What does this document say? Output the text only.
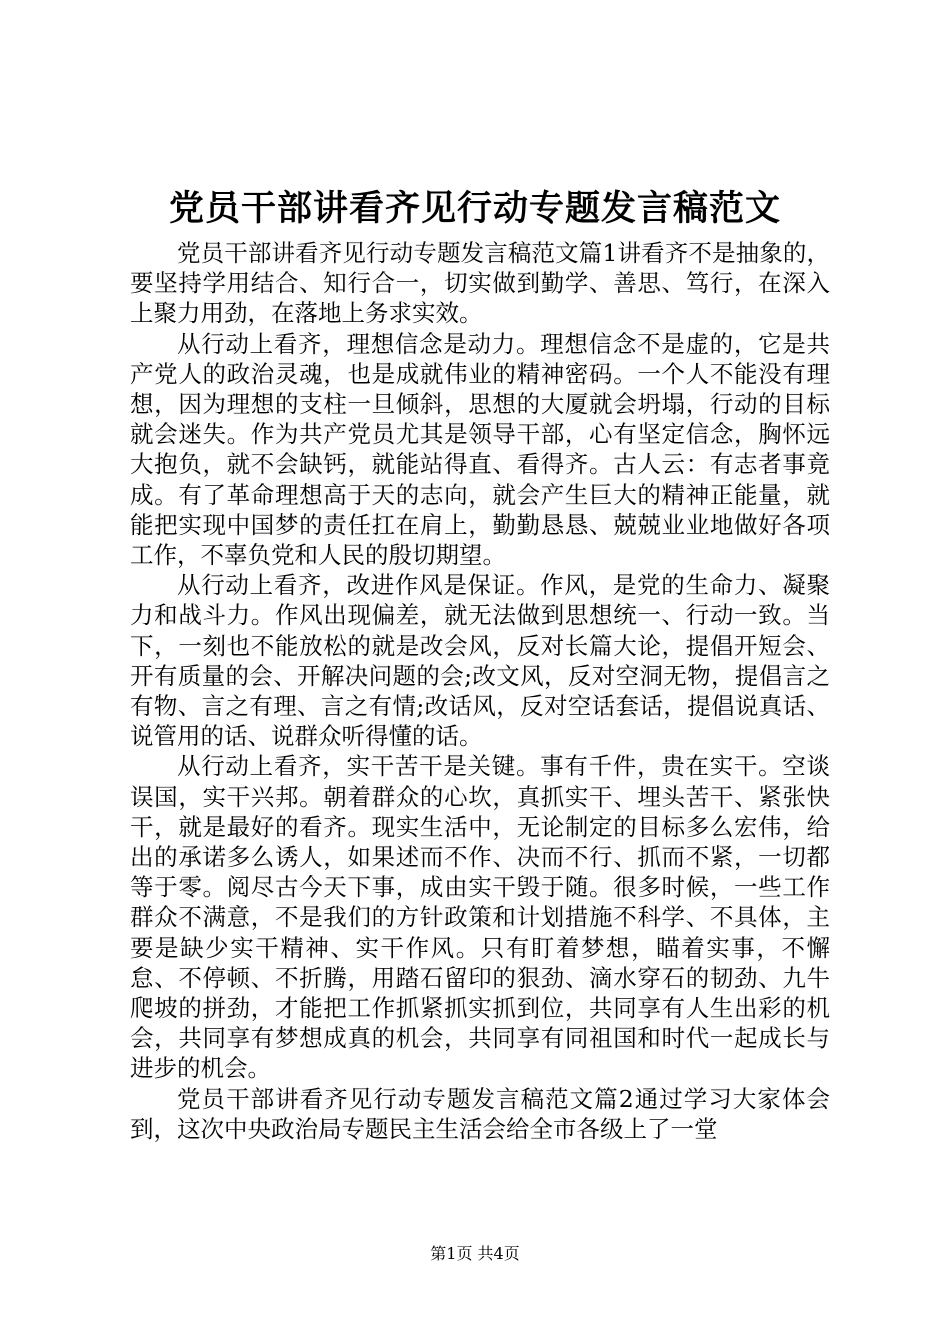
党员干部讲看齐见行动专题发言稿范文

党员干部讲看齐见行动专题发言稿范文篇1讲看齐不是抽象的，要坚持学用结合、知行合一，切实做到勤学、善思、笃行，在深入上聚力用劲，在落地上务求实效。

从行动上看齐，理想信念是动力。理想信念不是虚的，它是共产党人的政治灵魂，也是成就伟业的精神密码。一个人不能没有理想，因为理想的支柱一旦倾斜，思想的大厦就会坍塌，行动的目标就会迷失。作为共产党员尤其是领导干部，心有坚定信念，胸怀远大抱负，就不会缺钙，就能站得直、看得齐。古人云：有志者事竟成。有了革命理想高于天的志向，就会产生巨大的精神正能量，就能把实现中国梦的责任扛在肩上，勤勤恳恳、兢兢业业地做好各项工作，不辜负党和人民的殷切期望。

从行动上看齐，改进作风是保证。作风，是党的生命力、凝聚力和战斗力。作风出现偏差，就无法做到思想统一、行动一致。当下，一刻也不能放松的就是改会风，反对长篇大论，提倡开短会、开有质量的会、开解决问题的会;改文风，反对空洞无物，提倡言之有物、言之有理、言之有情;改话风，反对空话套话，提倡说真话、说管用的话、说群众听得懂的话。

从行动上看齐，实干苦干是关键。事有千件，贵在实干。空谈误国，实干兴邦。朝着群众的心坎，真抓实干、埋头苦干、紧张快干，就是最好的看齐。现实生活中，无论制定的目标多么宏伟，给出的承诺多么诱人，如果述而不作、决而不行、抓而不紧，一切都等于零。阅尽古今天下事，成由实干毁于随。很多时候，一些工作群众不满意，不是我们的方针政策和计划措施不科学、不具体，主要是缺少实干精神、实干作风。只有盯着梦想，瞄着实事，不懈怠、不停顿、不折腾，用踏石留印的狠劲、滴水穿石的韧劲、九牛爬坡的拼劲，才能把工作抓紧抓实抓到位，共同享有人生出彩的机会，共同享有梦想成真的机会，共同享有同祖国和时代一起成长与进步的机会。

党员干部讲看齐见行动专题发言稿范文篇2通过学习大家体会到，这次中央政治局专题民主生活会给全市各级上了一堂

第1页 共4页
